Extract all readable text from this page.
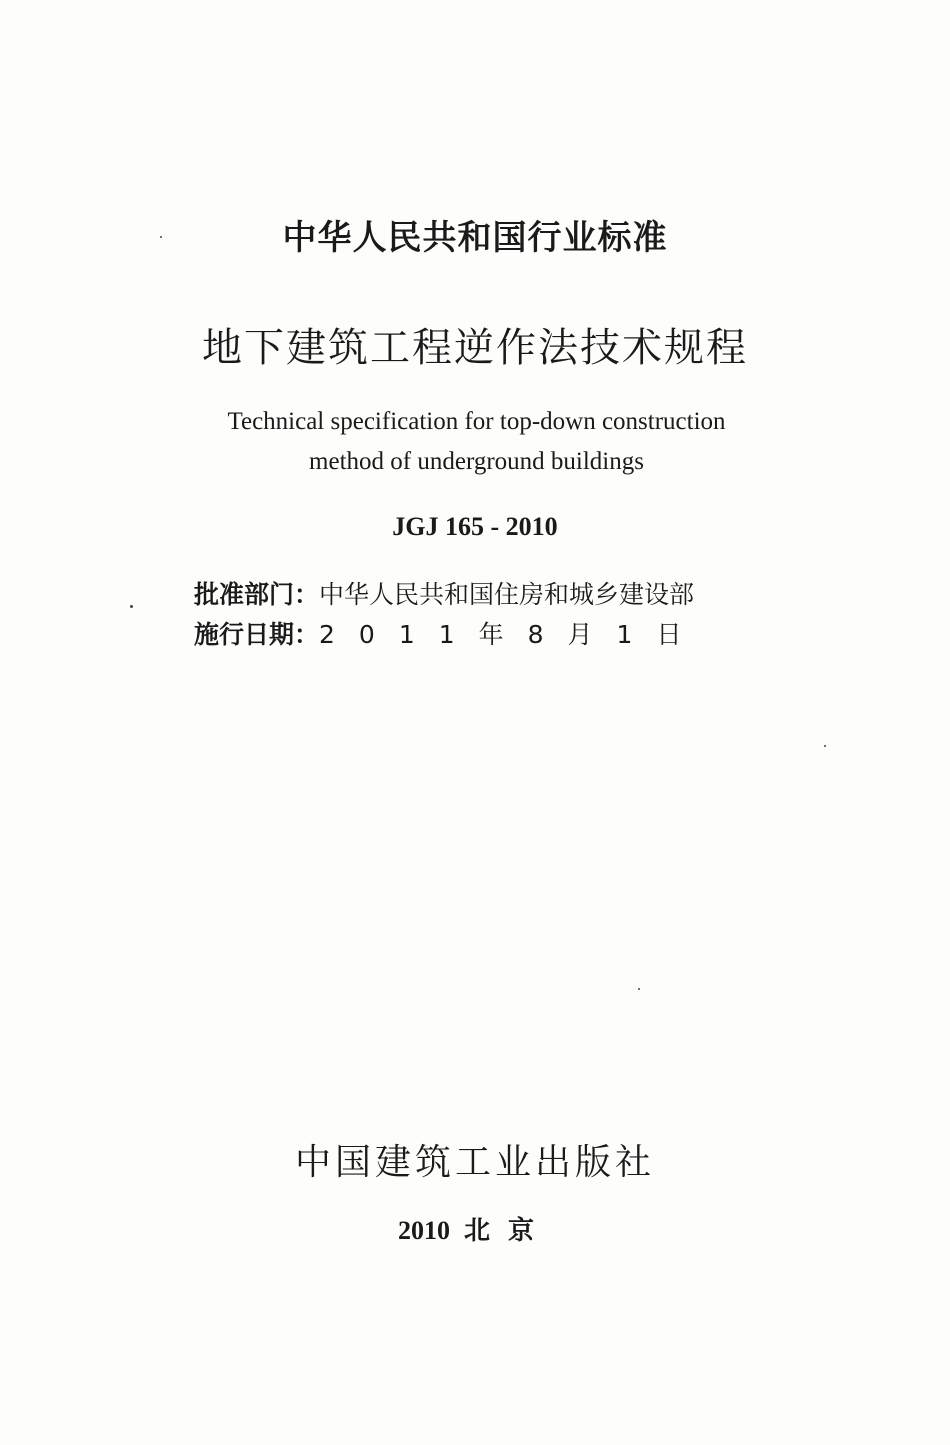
中华人民共和国行业标准
地下建筑工程逆作法技术规程
Technical specification for top-down construction
method of underground buildings
JGJ 165 - 2010
批准部门：中华人民共和国住房和城乡建设部
施行日期：2011年8月1日
中国建筑工业出版社
2010 北京
